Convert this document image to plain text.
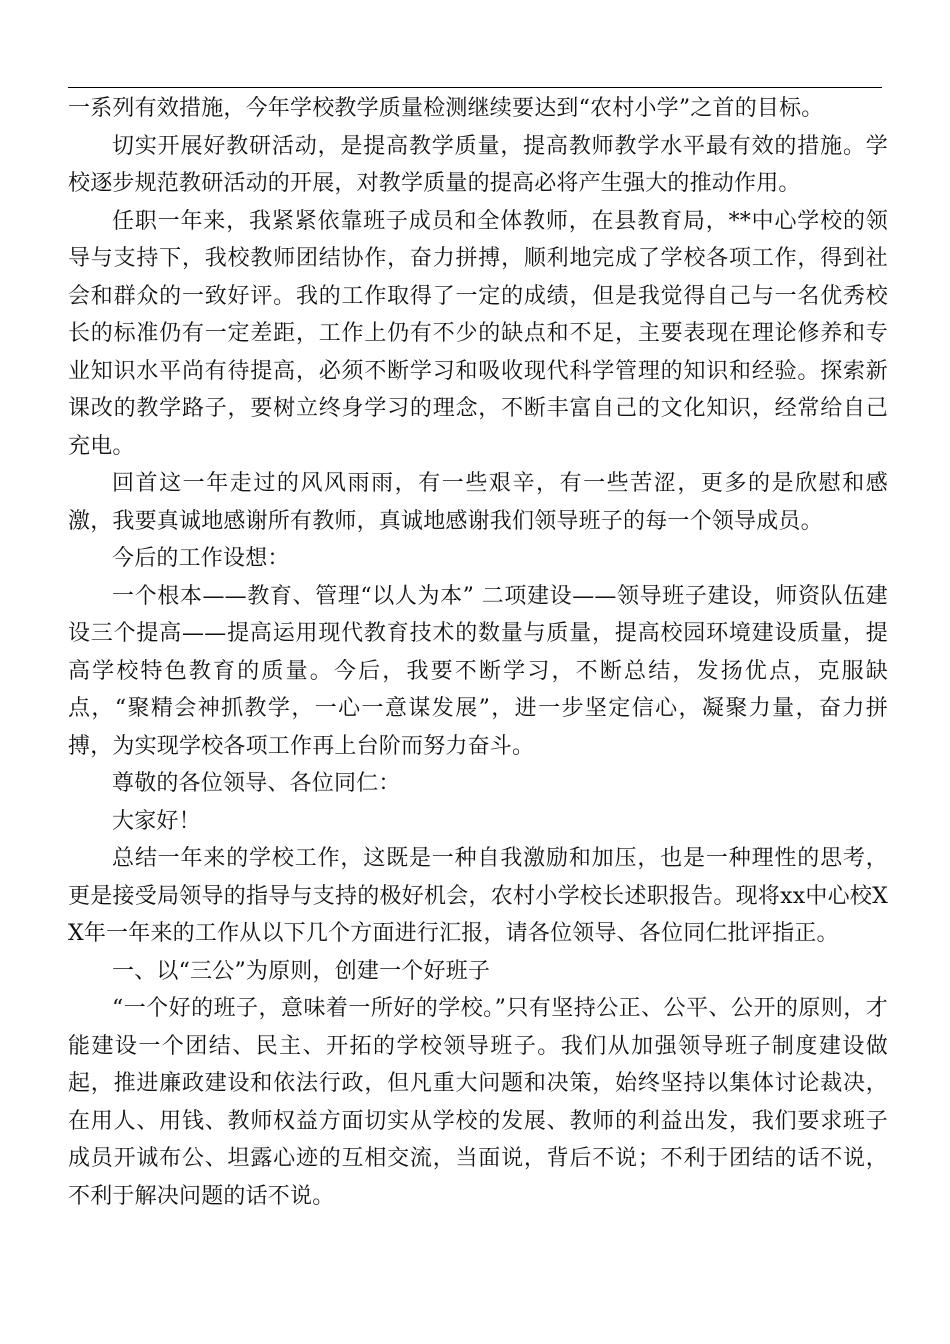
一系列有效措施，今年学校教学质量检测继续要达到“农村小学”之首的目标。

切实开展好教研活动，是提高教学质量，提高教师教学水平最有效的措施。学校逐步规范教研活动的开展，对教学质量的提高必将产生强大的推动作用。

任职一年来，我紧紧依靠班子成员和全体教师，在县教育局，**中心学校的领导与支持下，我校教师团结协作，奋力拼搏，顺利地完成了学校各项工作，得到社会和群众的一致好评。我的工作取得了一定的成绩，但是我觉得自己与一名优秀校长的标准仍有一定差距，工作上仍有不少的缺点和不足，主要表现在理论修养和专业知识水平尚有待提高，必须不断学习和吸收现代科学管理的知识和经验。探索新课改的教学路子，要树立终身学习的理念，不断丰富自己的文化知识，经常给自己充电。

回首这一年走过的风风雨雨，有一些艰辛，有一些苦涩，更多的是欣慰和感激，我要真诚地感谢所有教师，真诚地感谢我们领导班子的每一个领导成员。

今后的工作设想：

一个根本——教育、管理“以人为本” 二项建设——领导班子建设，师资队伍建设三个提高——提高运用现代教育技术的数量与质量，提高校园环境建设质量，提高学校特色教育的质量。今后，我要不断学习，不断总结，发扬优点，克服缺点，“聚精会神抓教学，一心一意谋发展”，进一步坚定信心，凝聚力量，奋力拼搏，为实现学校各项工作再上台阶而努力奋斗。

尊敬的各位领导、各位同仁：

大家好！

总结一年来的学校工作，这既是一种自我激励和加压，也是一种理性的思考，更是接受局领导的指导与支持的极好机会，农村小学校长述职报告。现将xx中心校XX年一年来的工作从以下几个方面进行汇报，请各位领导、各位同仁批评指正。

一、以“三公”为原则，创建一个好班子

“一个好的班子，意味着一所好的学校。”只有坚持公正、公平、公开的原则，才能建设一个团结、民主、开拓的学校领导班子。我们从加强领导班子制度建设做起，推进廉政建设和依法行政，但凡重大问题和决策，始终坚持以集体讨论裁决，在用人、用钱、教师权益方面切实从学校的发展、教师的利益出发，我们要求班子成员开诚布公、坦露心迹的互相交流，当面说，背后不说；不利于团结的话不说，不利于解决问题的话不说。
